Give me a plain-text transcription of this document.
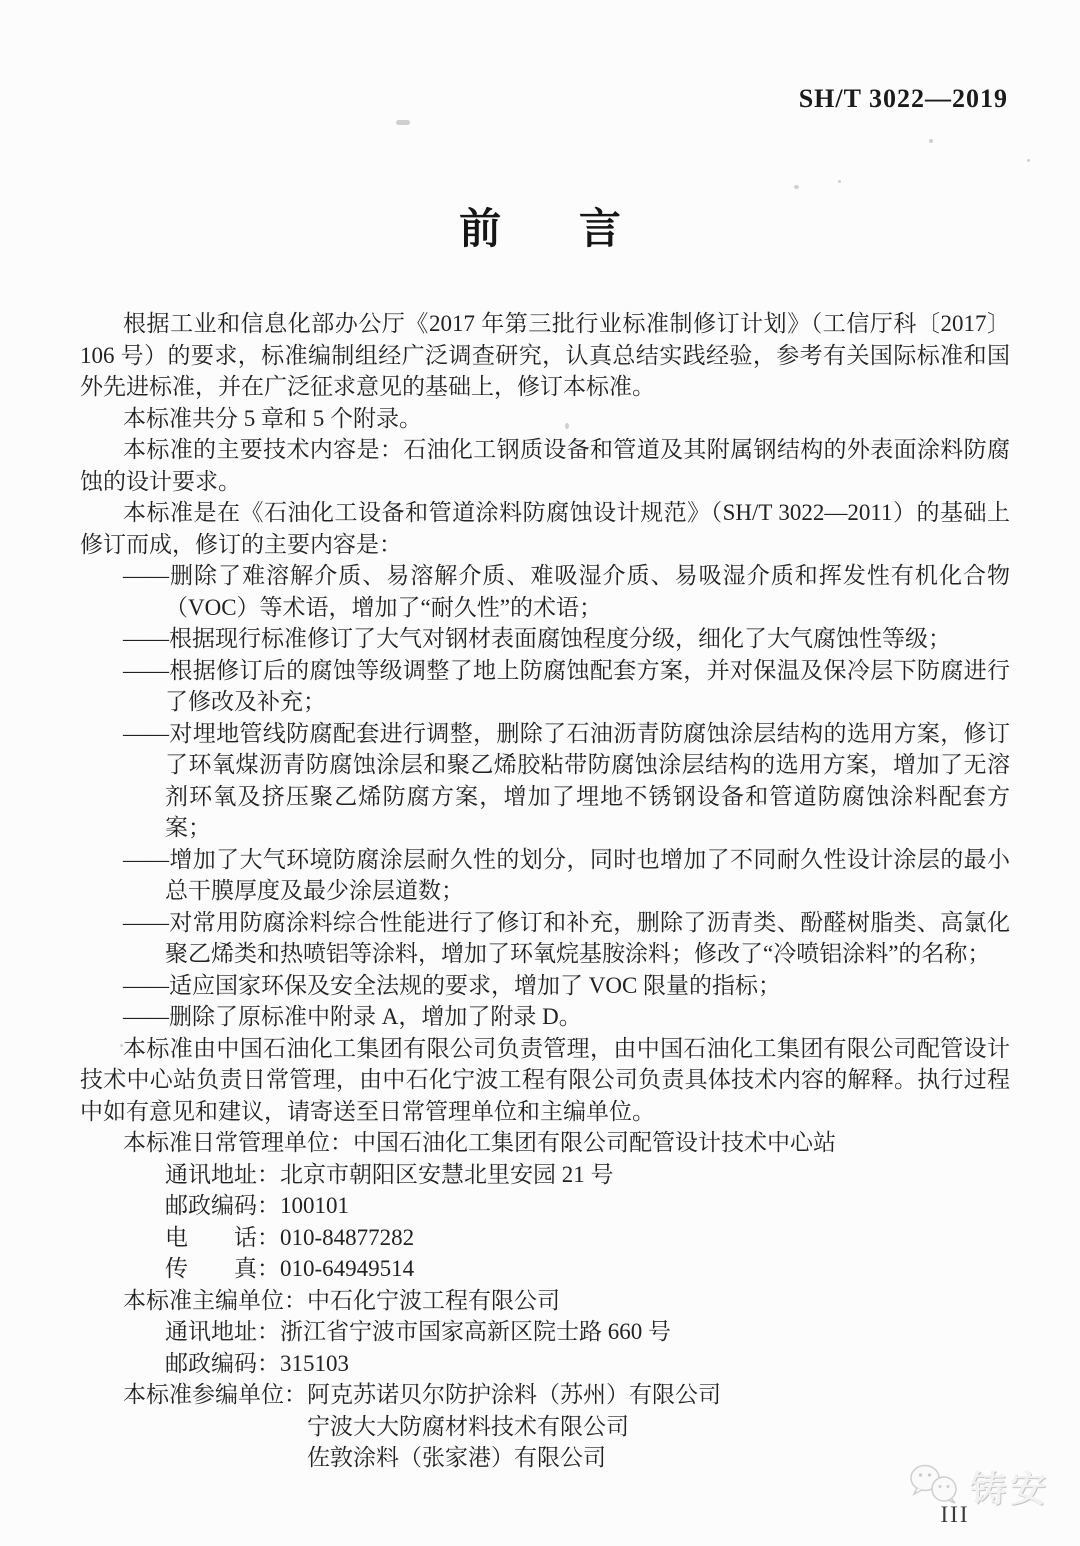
SH/T 3022—2019
前 言

根据工业和信息化部办公厅《2017 年第三批行业标准制修订计划》（工信厅科〔2017〕106 号）的要求，标准编制组经广泛调查研究，认真总结实践经验，参考有关国际标准和国外先进标准，并在广泛征求意见的基础上，修订本标准。

本标准共分 5 章和 5 个附录。

本标准的主要技术内容是：石油化工钢质设备和管道及其附属钢结构的外表面涂料防腐蚀的设计要求。

本标准是在《石油化工设备和管道涂料防腐蚀设计规范》（SH/T 3022—2011）的基础上修订而成，修订的主要内容是：

——删除了难溶解介质、易溶解介质、难吸湿介质、易吸湿介质和挥发性有机化合物（VOC）等术语，增加了“耐久性”的术语；

——根据现行标准修订了大气对钢材表面腐蚀程度分级，细化了大气腐蚀性等级；

——根据修订后的腐蚀等级调整了地上防腐蚀配套方案，并对保温及保冷层下防腐进行了修改及补充；

——对埋地管线防腐配套进行调整，删除了石油沥青防腐蚀涂层结构的选用方案，修订了环氧煤沥青防腐蚀涂层和聚乙烯胶粘带防腐蚀涂层结构的选用方案，增加了无溶剂环氧及挤压聚乙烯防腐方案，增加了埋地不锈钢设备和管道防腐蚀涂料配套方案；

——增加了大气环境防腐涂层耐久性的划分，同时也增加了不同耐久性设计涂层的最小总干膜厚度及最少涂层道数；

——对常用防腐涂料综合性能进行了修订和补充，删除了沥青类、酚醛树脂类、高氯化聚乙烯类和热喷铝等涂料，增加了环氧烷基胺涂料；修改了“冷喷铝涂料”的名称；

——适应国家环保及安全法规的要求，增加了 VOC 限量的指标；

——删除了原标准中附录 A，增加了附录 D。

本标准由中国石油化工集团有限公司负责管理，由中国石油化工集团有限公司配管设计技术中心站负责日常管理，由中石化宁波工程有限公司负责具体技术内容的解释。执行过程中如有意见和建议，请寄送至日常管理单位和主编单位。

本标准日常管理单位：中国石油化工集团有限公司配管设计技术中心站

通讯地址：北京市朝阳区安慧北里安园 21 号

邮政编码：100101

电　　话：010-84877282

传　　真：010-64949514

本标准主编单位：中石化宁波工程有限公司

通讯地址：浙江省宁波市国家高新区院士路 660 号

邮政编码：315103

本标准参编单位：阿克苏诺贝尔防护涂料（苏州）有限公司

宁波大大防腐材料技术有限公司

佐敦涂料（张家港）有限公司

铸安
III
